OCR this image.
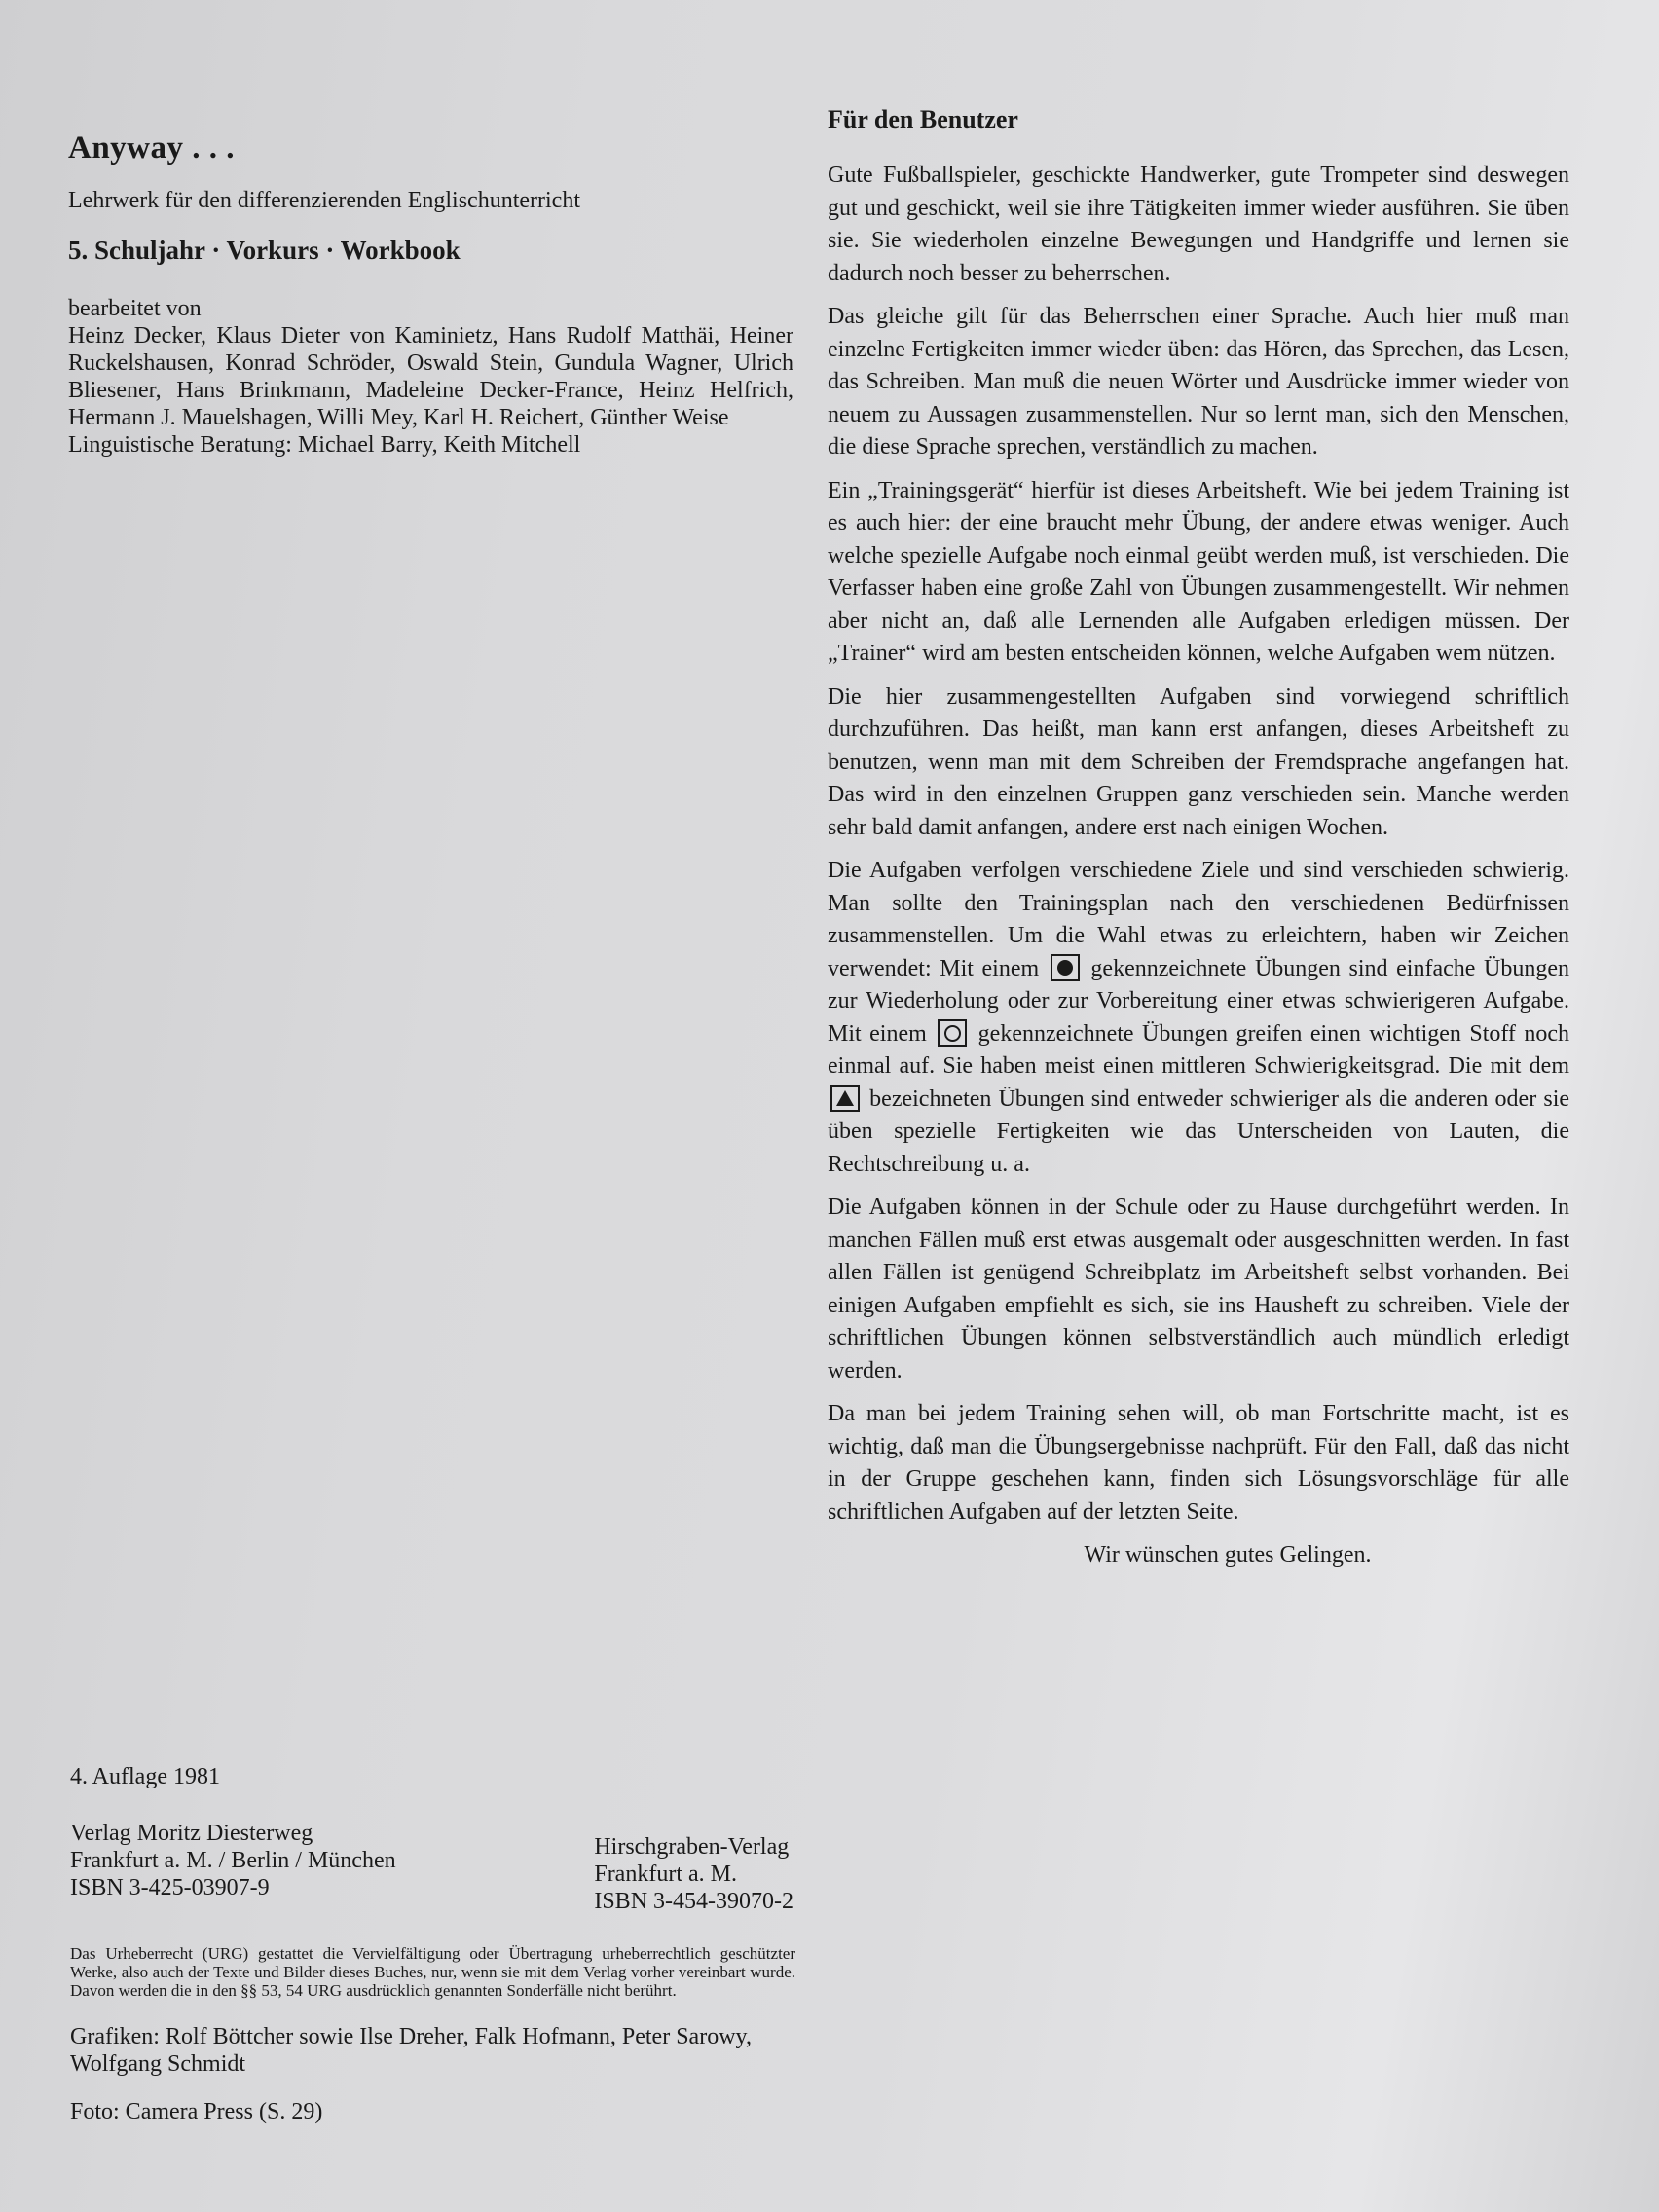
Anyway . . .
Lehrwerk für den differenzierenden Englischunterricht
5. Schuljahr · Vorkurs · Workbook

bearbeitet von

Heinz Decker, Klaus Dieter von Kaminietz, Hans Rudolf Matthäi, Heiner Ruckelshausen, Konrad Schröder, Oswald Stein, Gundula Wagner, Ulrich Bliesener, Hans Brinkmann, Madeleine Decker-France, Heinz Helfrich, Hermann J. Mauelshagen, Willi Mey, Karl H. Reichert, Günther Weise

Linguistische Beratung: Michael Barry, Keith Mitchell

4. Auflage 1981

Verlag Moritz Diesterweg

Frankfurt a. M. / Berlin / München

ISBN 3-425-03907-9

Hirschgraben-Verlag

Frankfurt a. M.

ISBN 3-454-39070-2

Das Urheberrecht (URG) gestattet die Vervielfältigung oder Übertragung urheberrechtlich geschützter Werke, also auch der Texte und Bilder dieses Buches, nur, wenn sie mit dem Verlag vorher vereinbart wurde. Davon werden die in den §§ 53, 54 URG ausdrücklich genannten Sonderfälle nicht berührt.
Grafiken: Rolf Böttcher sowie Ilse Dreher, Falk Hofmann, Peter Sarowy, Wolfgang Schmidt
Foto: Camera Press (S. 29)
Für den Benutzer

Gute Fußballspieler, geschickte Handwerker, gute Trompeter sind deswegen gut und geschickt, weil sie ihre Tätigkeiten immer wieder ausführen. Sie üben sie. Sie wiederholen einzelne Bewegungen und Handgriffe und lernen sie dadurch noch besser zu beherrschen.

Das gleiche gilt für das Beherrschen einer Sprache. Auch hier muß man einzelne Fertigkeiten immer wieder üben: das Hören, das Sprechen, das Lesen, das Schreiben. Man muß die neuen Wörter und Ausdrücke immer wieder von neuem zu Aussagen zusammenstellen. Nur so lernt man, sich den Menschen, die diese Sprache sprechen, verständlich zu machen.

Ein „Trainingsgerät“ hierfür ist dieses Arbeitsheft. Wie bei jedem Training ist es auch hier: der eine braucht mehr Übung, der andere etwas weniger. Auch welche spezielle Aufgabe noch einmal geübt werden muß, ist verschieden. Die Verfasser haben eine große Zahl von Übungen zusammengestellt. Wir nehmen aber nicht an, daß alle Lernenden alle Aufgaben erledigen müssen. Der „Trainer“ wird am besten entscheiden können, welche Aufgaben wem nützen.

Die hier zusammengestellten Aufgaben sind vorwiegend schriftlich durchzuführen. Das heißt, man kann erst anfangen, dieses Arbeitsheft zu benutzen, wenn man mit dem Schreiben der Fremdsprache angefangen hat. Das wird in den einzelnen Gruppen ganz verschieden sein. Manche werden sehr bald damit anfangen, andere erst nach einigen Wochen.

Die Aufgaben verfolgen verschiedene Ziele und sind verschieden schwierig. Man sollte den Trainingsplan nach den verschiedenen Bedürfnissen zusammenstellen. Um die Wahl etwas zu erleichtern, haben wir Zeichen verwendet: Mit einem gekennzeichnete Übungen sind einfache Übungen zur Wiederholung oder zur Vorbereitung einer etwas schwierigeren Aufgabe. Mit einem gekennzeichnete Übungen greifen einen wichtigen Stoff noch einmal auf. Sie haben meist einen mittleren Schwierigkeitsgrad. Die mit dem  bezeichneten Übungen sind entweder schwieriger als die anderen oder sie üben spezielle Fertigkeiten wie das Unterscheiden von Lauten, die Rechtschreibung u. a.

Die Aufgaben können in der Schule oder zu Hause durchgeführt werden. In manchen Fällen muß erst etwas ausgemalt oder ausgeschnitten werden. In fast allen Fällen ist genügend Schreibplatz im Arbeitsheft selbst vorhanden. Bei einigen Aufgaben empfiehlt es sich, sie ins Hausheft zu schreiben. Viele der schriftlichen Übungen können selbstverständlich auch mündlich erledigt werden.

Da man bei jedem Training sehen will, ob man Fortschritte macht, ist es wichtig, daß man die Übungsergebnisse nachprüft. Für den Fall, daß das nicht in der Gruppe geschehen kann, finden sich Lösungsvorschläge für alle schriftlichen Aufgaben auf der letzten Seite.

Wir wünschen gutes Gelingen.
